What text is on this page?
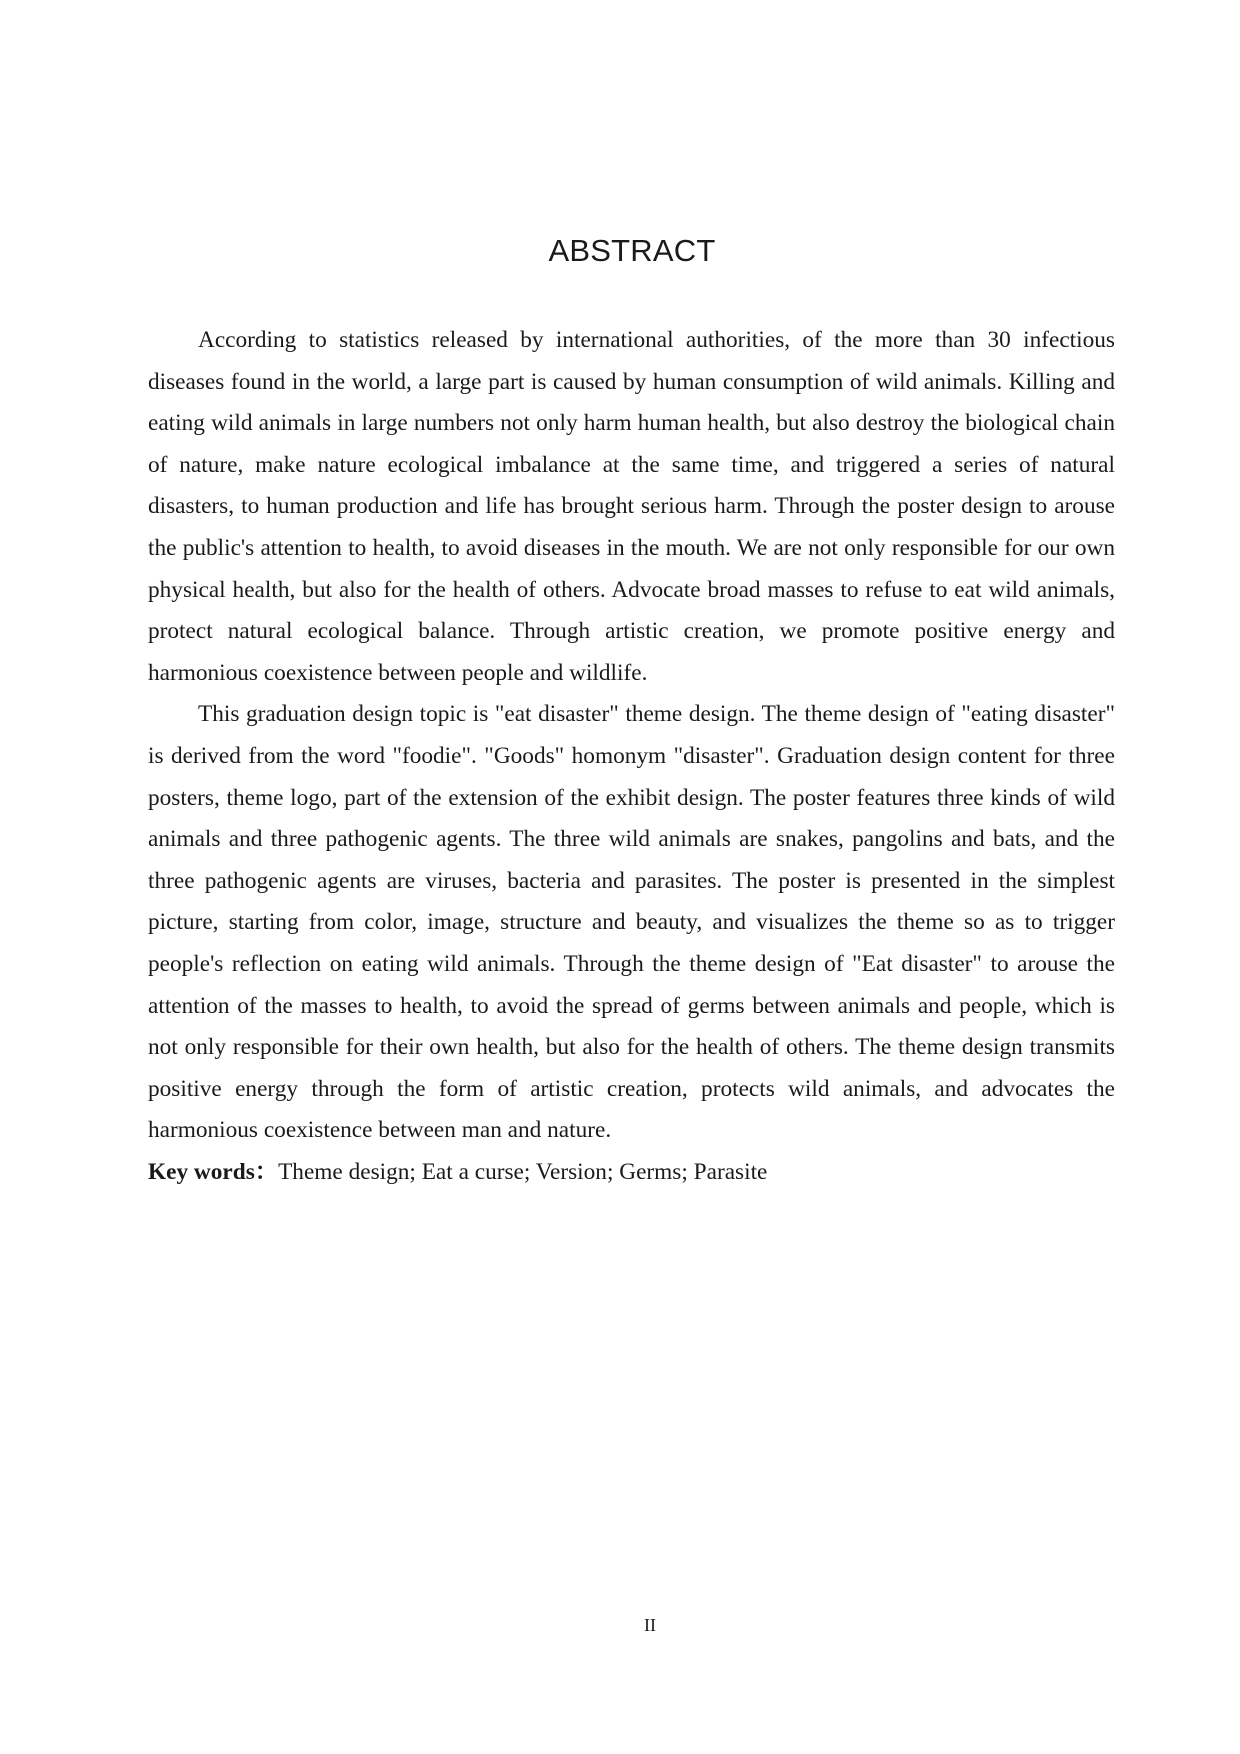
ABSTRACT

According to statistics released by international authorities, of the more than 30 infectious diseases found in the world, a large part is caused by human consumption of wild animals. Killing and eating wild animals in large numbers not only harm human health, but also destroy the biological chain of nature, make nature ecological imbalance at the same time, and triggered a series of natural disasters, to human production and life has brought serious harm. Through the poster design to arouse the public's attention to health, to avoid diseases in the mouth. We are not only responsible for our own physical health, but also for the health of others. Advocate broad masses to refuse to eat wild animals, protect natural ecological balance. Through artistic creation, we promote positive energy and harmonious coexistence between people and wildlife.

This graduation design topic is "eat disaster" theme design. The theme design of "eating disaster" is derived from the word "foodie". "Goods" homonym "disaster". Graduation design content for three posters, theme logo, part of the extension of the exhibit design. The poster features three kinds of wild animals and three pathogenic agents. The three wild animals are snakes, pangolins and bats, and the three pathogenic agents are viruses, bacteria and parasites. The poster is presented in the simplest picture, starting from color, image, structure and beauty, and visualizes the theme so as to trigger people's reflection on eating wild animals. Through the theme design of "Eat disaster" to arouse the attention of the masses to health, to avoid the spread of germs between animals and people, which is not only responsible for their own health, but also for the health of others. The theme design transmits positive energy through the form of artistic creation, protects wild animals, and advocates the harmonious coexistence between man and nature.

Key words：Theme design; Eat a curse; Version; Germs; Parasite

II
